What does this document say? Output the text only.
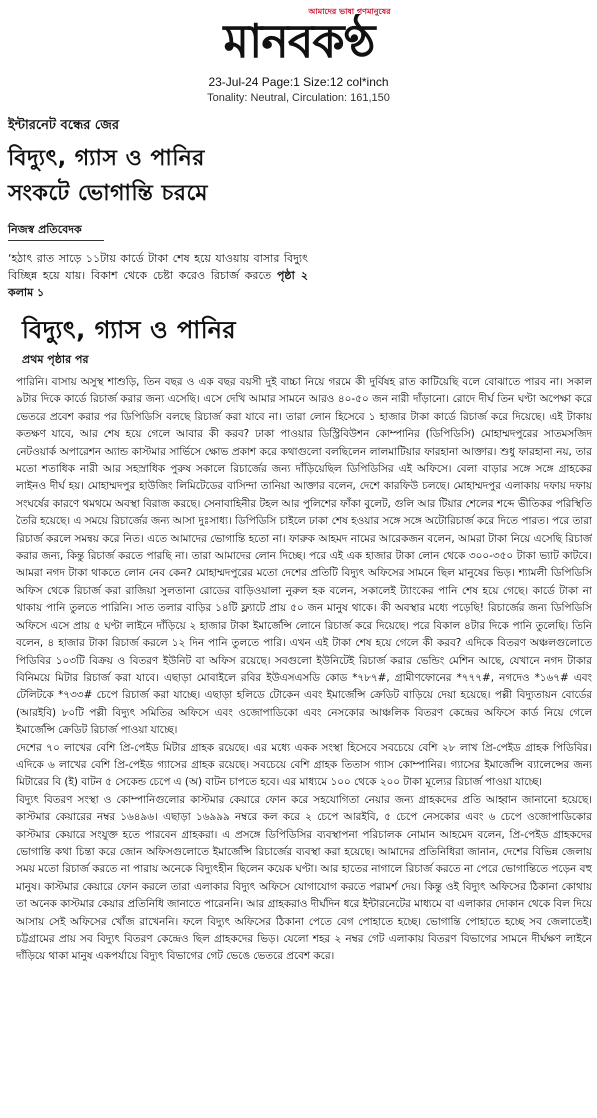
আমাদের ভাষা গণমানুষের
মানবকণ্ঠ
23-Jul-24 Page:1 Size:12 col*inch
Tonality: Neutral, Circulation: 161,150
ইন্টারনেট বন্ধের জের
বিদ্যুৎ, গ্যাস ও পানির
সংকটে ভোগান্তি চরমে
নিজস্ব প্রতিবেদক
‘হঠাৎ রাত সাড়ে ১১টায় কার্ডে টাকা শেষ হয়ে যাওয়ায় বাসার বিদ্যুৎ বিচ্ছিন্ন হয়ে যায়। বিকাশ থেকে চেষ্টা করেও রিচার্জ করতে পৃষ্ঠা ২ কলাম ১
বিদ্যুৎ, গ্যাস ও পানির
প্রথম পৃষ্ঠার পর

পারিনি। বাসায় অসুস্থ শাশুড়ি, তিন বছর ও এক বছর বয়সী দুই বাচ্চা নিয়ে গরমে কী দুর্বিষহ রাত কাটিয়েছি বলে বোঝাতে পারব না। সকাল ৯টার দিকে কার্ডে রিচার্জ করার জন্য এসেছি। এসে দেখি আমার সামনে আরও ৪০-৫০ জন নারী দাঁড়ানো। রোদে দীর্ঘ তিন ঘণ্টা অপেক্ষা করে ভেতরে প্রবেশ করার পর ডিপিডিসি বলছে রিচার্জ করা যাবে না। তারা লোন হিসেবে ১ হাজার টাকা কার্ডে রিচার্জ করে দিয়েছে। এই টাকায় কতক্ষণ যাবে, আর শেষ হয়ে গেলে আবার কী করব? ঢাকা পাওয়ার ডিস্ট্রিবিউশন কোম্পানির (ডিপিডিসি) মোহাম্মদপুরের সাতমসজিদ নেটওয়ার্ক অপারেশন অ্যান্ড কাস্টমার সার্ভিসে ক্ষোভ প্রকাশ করে কথাগুলো বলছিলেন লালমাটিয়ার ফারহানা আক্তার। শুধু ফারহানা নয়, তার মতো শতাধিক নারী আর সহস্রাধিক পুরুষ সকালে রিচার্জের জন্য দাঁড়িয়েছিল ডিপিডিসির এই অফিসে। বেলা বাড়ার সঙ্গে সঙ্গে গ্রাহকের লাইনও দীর্ঘ হয়। মোহাম্মদপুর হাউজিং লিমিটেডের বাসিন্দা তানিয়া আক্তার বলেন, দেশে কারফিউ চলছে। মোহাম্মদপুর এলাকায় দফায় দফায় সংঘর্ষের কারণে থমথমে অবস্থা বিরাজ করছে। সেনাবাহিনীর টহল আর পুলিশের ফাঁকা বুলেট, গুলি আর টিয়ার শেলের শব্দে ভীতিকর পরিস্থিতি তৈরি হয়েছে। এ সময়ে রিচার্জের জন্য আসা দুঃসাধ্য। ডিপিডিসি চাইলে ঢাকা শেষ হওয়ার সঙ্গে সঙ্গে অটোরিচার্জ করে দিতে পারত। পরে তারা রিচার্জ করলে সমন্বয় করে নিত। এতে আমাদের ভোগান্তি হতো না। ফারুক আহমদ নামের আরেকজন বলেন, আমরা টাকা নিয়ে এসেছি রিচার্জ করার জন্য, কিন্তু রিচার্জ করতে পারছি না। তারা আমাদের লোন দিচ্ছে। পরে এই এক হাজার টাকা লোন থেকে ৩০০-৩৫০ টাকা ভ্যাট কাটবে। আমরা নগদ টাকা থাকতে লোন নেব কেন? মোহাম্মদপুরের মতো দেশের প্রতিটি বিদ্যুৎ অফিসের সামনে ছিল মানুষের ভিড়। শ্যামলী ডিপিডিসি অফিস থেকে রিচার্জ করা রাজিয়া সুলতানা রোডের বাড়িওয়ালা নুরুল হক বলেন, সকালেই ট্যাংকের পানি শেষ হয়ে গেছে। কার্ডে টাকা না থাকায় পানি তুলতে পারিনি। সাত তলার বাড়ির ১৪টি ফ্ল্যাটে প্রায় ৫০ জন মানুষ থাকে। কী অবস্থার মধ্যে পড়েছি! রিচার্জের জন্য ডিপিডিসি অফিসে এসে প্রায় ৫ ঘণ্টা লাইনে দাঁড়িয়ে ২ হাজার টাকা ইমার্জেন্সি লোনে রিচার্জ করে দিয়েছে। পরে বিকাল ৪টার দিকে পানি তুলেছি। তিনি বলেন, ৪ হাজার টাকা রিচার্জ করলে ১২ দিন পানি তুলতে পারি। এখন এই টাকা শেষ হয়ে গেলে কী করব? এদিকে বিতরণ অঞ্চলগুলোতে পিডিবির ১০৩টি বিক্রয় ও বিতরণ ইউনিট বা অফিস রয়েছে। সবগুলো ইউনিটেই রিচার্জ করার ভেন্ডিং মেশিন আছে, যেখানে নগদ টাকার বিনিময়ে মিটার রিচার্জ করা যাবে। এছাড়া মোবাইলে রবির ইউএসএসডি কোড *৭৮৭#, গ্রামীণফোনের *৭৭৭#, নগদেও *১৬৭# এবং টেলিটকে *৭৩৩# চেপে রিচার্জ করা যাচ্ছে। এছাড়া হলিডে টোকেন এবং ইমার্জেন্সি ক্রেডিট বাড়িয়ে দেয়া হয়েছে। পল্লী বিদ্যুতায়ন বোর্ডের (আরইবি) ৮০টি পল্লী বিদ্যুৎ সমিতির অফিসে এবং ওজোপাডিকো এবং নেসকোর আঞ্চলিক বিতরণ কেন্দ্রের অফিসে কার্ড নিয়ে গেলে ইমার্জেন্সি ক্রেডিট রিচার্জ পাওয়া যাচ্ছে।

দেশের ৭০ লাখের বেশি প্রি-পেইড মিটার গ্রাহক রয়েছে। এর মধ্যে একক সংস্থা হিসেবে সবচেয়ে বেশি ২৮ লাখ প্রি-পেইড গ্রাহক পিডিবির। এদিকে ৬ লাখের বেশি প্রি-পেইড গ্যাসের গ্রাহক রয়েছে। সবচেয়ে বেশি গ্রাহক তিতাস গ্যাস কোম্পানির। গ্যাসের ইমার্জেন্সি ব্যালেন্সের জন্য মিটারের বি (ই) বাটন ৫ সেকেন্ড চেপে এ (অ) বাটন চাপতে হবে। এর মাধ্যমে ১০০ থেকে ২০০ টাকা মূল্যের রিচার্জ পাওয়া যাচ্ছে।

বিদ্যুৎ বিতরণ সংস্থা ও কোম্পানিগুলোর কাস্টমার কেয়ারে ফোন করে সহযোগিতা নেয়ার জন্য গ্রাহকদের প্রতি আহ্বান জানানো হয়েছে। কাস্টমার কেয়ারের নম্বর ১৬৪৯৬। এছাড়া ১৬৯৯৯ নম্বরে কল করে ২ চেপে আরইবি, ৫ চেপে নেসকোর এবং ৬ চেপে ওজোপাডিকোর কাস্টমার কেয়ারে সংযুক্ত হতে পারবেন গ্রাহকরা। এ প্রসঙ্গে ডিপিডিসির ব্যবস্থাপনা পরিচালক নোমান আহমেদ বলেন, প্রি-পেইড গ্রাহকদের ভোগান্তি কথা চিন্তা করে জোন অফিসগুলোতে ইমার্জেন্সি রিচার্জের ব্যবস্থা করা হয়েছে। আমাদের প্রতিনিধিরা জানান, দেশের বিভিন্ন জেলায় সময় মতো রিচার্জ করতে না পারায় অনেকে বিদ্যুৎহীন ছিলেন কয়েক ঘণ্টা। আর হাতের নাগালে রিচার্জ করতে না পেরে ভোগান্তিতে পড়েন বহু মানুষ। কাস্টমার কেয়ারে ফোন করলে তারা এলাকার বিদ্যুৎ অফিসে যোগাযোগ করতে পরামর্শ দেয়। কিন্তু ওই বিদ্যুৎ অফিসের ঠিকানা কোথায় তা অনেক কাস্টমার কেয়ার প্রতিনিধি জানাতে পারেননি। আর গ্রাহকরাও দীর্ঘদিন ধরে ইন্টারনেটের মাধ্যমে বা এলাকার দোকান থেকে বিল দিয়ে আসায় সেই অফিসের খোঁজ রাখেননি। ফলে বিদ্যুৎ অফিসের ঠিকানা পেতে বেগ পোহাতে হচ্ছে। ভোগান্তি পোহাতে হচ্ছে সব জেলাতেই। চট্টগ্রামের প্রায় সব বিদ্যুৎ বিতরণ কেন্দ্রেও ছিল গ্রাহকদের ভিড়। যেলো শহর ২ নম্বর গেট এলাকায় বিতরণ বিভাগের সামনে দীর্ঘক্ষণ লাইনে দাঁড়িয়ে থাকা মানুষ একপর্যায়ে বিদ্যুৎ বিভাগের গেট ভেঙে ভেতরে প্রবেশ করে।
